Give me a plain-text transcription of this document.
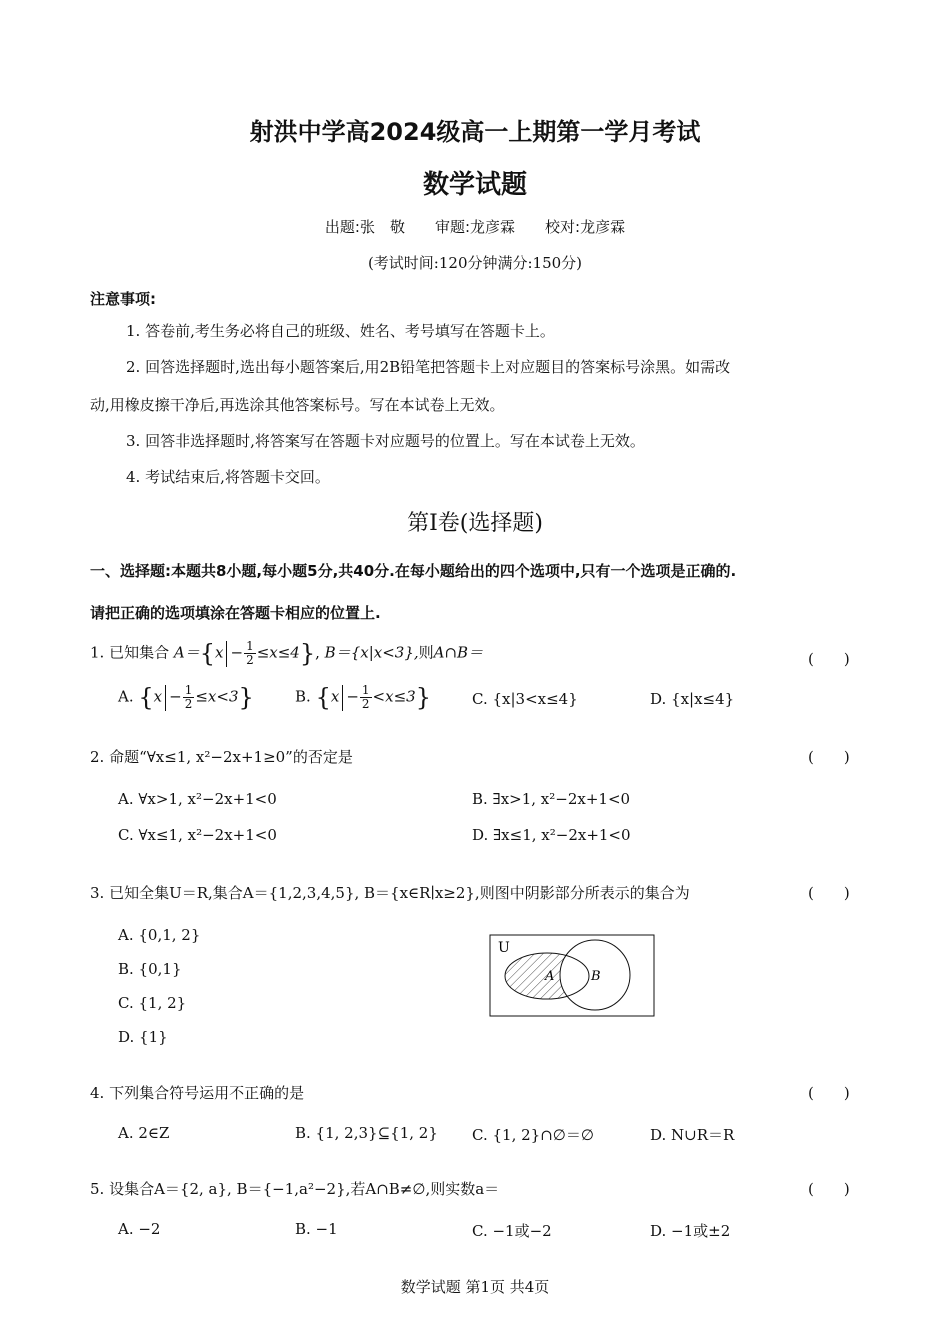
射洪中学高2024级高一上期第一学月考试
数学试题
出题:张　敬　　审题:龙彦霖　　校对:龙彦霖
(考试时间:120分钟满分:150分)
注意事项:
1. 答卷前,考生务必将自己的班级、姓名、考号填写在答题卡上。
2. 回答选择题时,选出每小题答案后,用2B铅笔把答题卡上对应题目的答案标号涂黑。如需改
动,用橡皮擦干净后,再选涂其他答案标号。写在本试卷上无效。
3. 回答非选择题时,将答案写在答题卡对应题号的位置上。写在本试卷上无效。
4. 考试结束后,将答题卡交回。
第Ⅰ卷(选择题)
一、选择题:本题共8小题,每小题5分,共40分.在每小题给出的四个选项中,只有一个选项是正确的.
请把正确的选项填涂在答题卡相应的位置上.
1. 已知集合 $A=\{x - \frac{1}{2} \le x\le 4\}$, B＝{x|x<3},则A∩B＝	(　　)
A. $\{x - \frac{1}{2} \le x<3\}$	B. $\{x - \frac{1}{2} <x\le 3\}$	C. {x|3<x≤4}	D. {x|x≤4}
2. 命题“∀x≤1, x²−2x+1≥0”的否定是	(　　)
A. ∀x>1, x²−2x+1<0	B. ∃x>1, x²−2x+1<0
C. ∀x≤1, x²−2x+1<0	D. ∃x≤1, x²−2x+1<0
3. 已知全集U＝R,集合A＝{1,2,3,4,5}, B＝{x∈R∣x≥2},则图中阴影部分所表示的集合为	(　　)
A. {0,1, 2}
B. {0,1}
C. {1, 2}
D. {1}
U
A	B
4. 下列集合符号运用不正确的是	(　　)
A. 2∈Z	B. {1, 2,3}⊆{1, 2} C. {1, 2}∩∅＝∅	D. N∪R＝R
5. 设集合A＝{2, a}, B＝{−1,a²−2},若A∩B≠∅,则实数a＝	(　　)
A. −2	B. −1	C. −1或−2	D. −1或±2
数学试题 第1页 共4页
